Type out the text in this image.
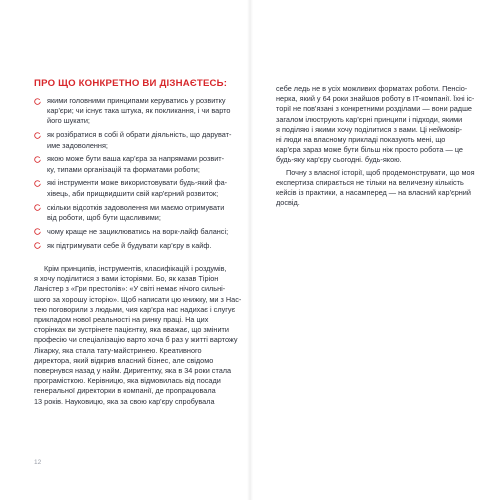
ПРО ЩО КОНКРЕТНО ВИ ДІЗНАЄТЕСЬ:
якими головними принципами керуватись у розвитку
кар'єри; чи існує така штука, як покликання, і чи варто
його шукати;
як розібратися в собі й обрати діяльність, що даруват-
име задоволення;
якою може бути ваша кар'єра за напрямами розвит-
ку, типами організацій та форматами роботи;
які інструменти може використовувати будь-який фа-
хівець, аби прищвидшити свій кар'єрний розвиток;
скільки відсотків задоволення ми маємо отримувати
від роботи, щоб бути щасливими;
чому краще не зациклюватись на ворк-лайф балансі;
як підтримувати себе й будувати кар'єру в кайф.

Крім принципів, інструментів, класифікацій і роздумів,
я хочу поділитися з вами історіями. Бо, як казав Тіріон
Ланістер з «Гри престолів»: «У світі немає нічого сильні-
шого за хорошу історію». Щоб написати цю книжку, ми з Нас-
тею поговорили з людьми, чия кар'єра нас надихає і слугує
прикладом нової реальності на ринку праці. На цих
сторінках ви зустрінете пацієнтку, яка вважає, що змінити
професію чи спеціалізацію варто хоча б раз у житті вартожу
Лікарку, яка стала тату-майстринею. Креативного
директора, який відкрив власний бізнес, але свідомо
повернувся назад у найм. Диригентку, яка в 34 роки стала
програмісткою. Керівницю, яка відмовилась від посади
генеральної директорки в компанії, де пропрацювала
13 років. Науковицю, яка за свою кар'єру спробувала

12

себе ледь не в усіх можливих форматах роботи. Пенсіо-
нерка, який у 64 роки знайшов роботу в IT-компанії. Їхні іс-
торії не пов'язані з конкретними розділами — вони радше
загалом ілюструють кар'єрні принципи і підходи, якими
я поділяю і якими хочу поділитися з вами. Ці неймовір-
ні люди на власному прикладі показують мені, що
кар'єра зараз може бути більш ніж просто робота — це
будь-яку кар'єру сьогодні. будь-якою.

Почну з власної історії, щоб продемонструвати, що моя
експертиза спирається не тільки на величезну кількість
кейсів із практики, а насамперед — на власний кар'єрний
досвід.
